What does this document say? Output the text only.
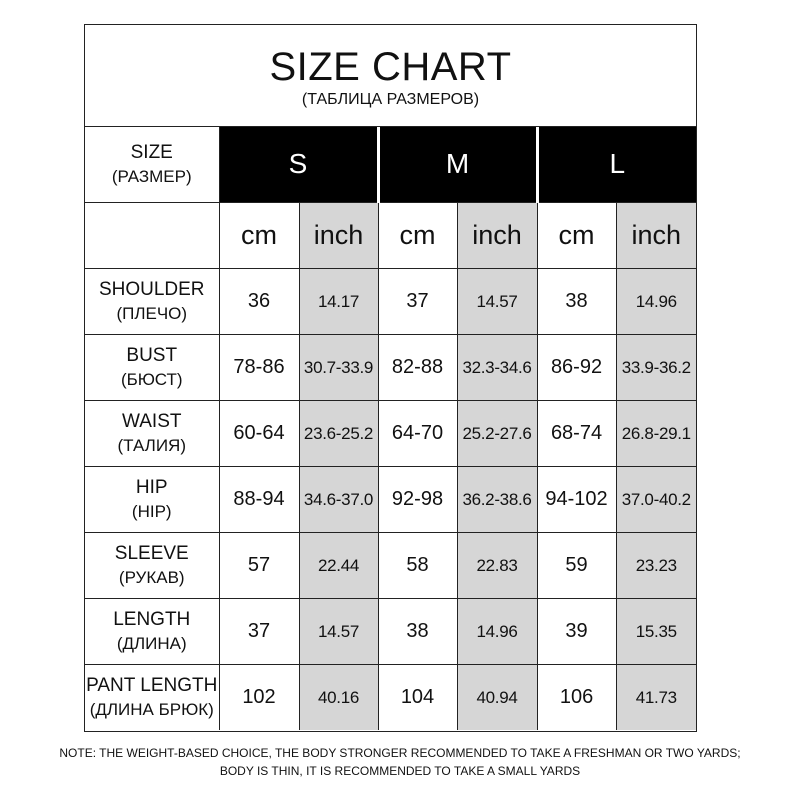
SIZE CHART
(ТАБЛИЦА РАЗМЕРОВ)
SIZE
(РАЗМЕР)	S		M		L	
	cm	inch	cm	inch	cm	inch

SHOULDER
(ПЛЕЧО)	36	14.17	37	14.57	38	14.96

BUST
(БЮСТ)	78-86	30.7-33.9	82-88	32.3-34.6	86-92	33.9-36.2

WAIST
(ТАЛИЯ)	60-64	23.6-25.2	64-70	25.2-27.6	68-74	26.8-29.1

HIP
(HIP)	88-94	34.6-37.0	92-98	36.2-38.6	94-102	37.0-40.2

SLEEVE
(РУКАВ)	57	22.44	58	22.83	59	23.23

LENGTH
(ДЛИНА)	37	14.57	38	14.96	39	15.35

PANT LENGTH
(ДЛИНА БРЮК)	102	40.16	104	40.94	106	41.73
NOTE: THE WEIGHT-BASED CHOICE, THE BODY STRONGER RECOMMENDED TO TAKE A FRESHMAN OR TWO YARDS;
BODY IS THIN, IT IS RECOMMENDED TO TAKE A SMALL YARDS
